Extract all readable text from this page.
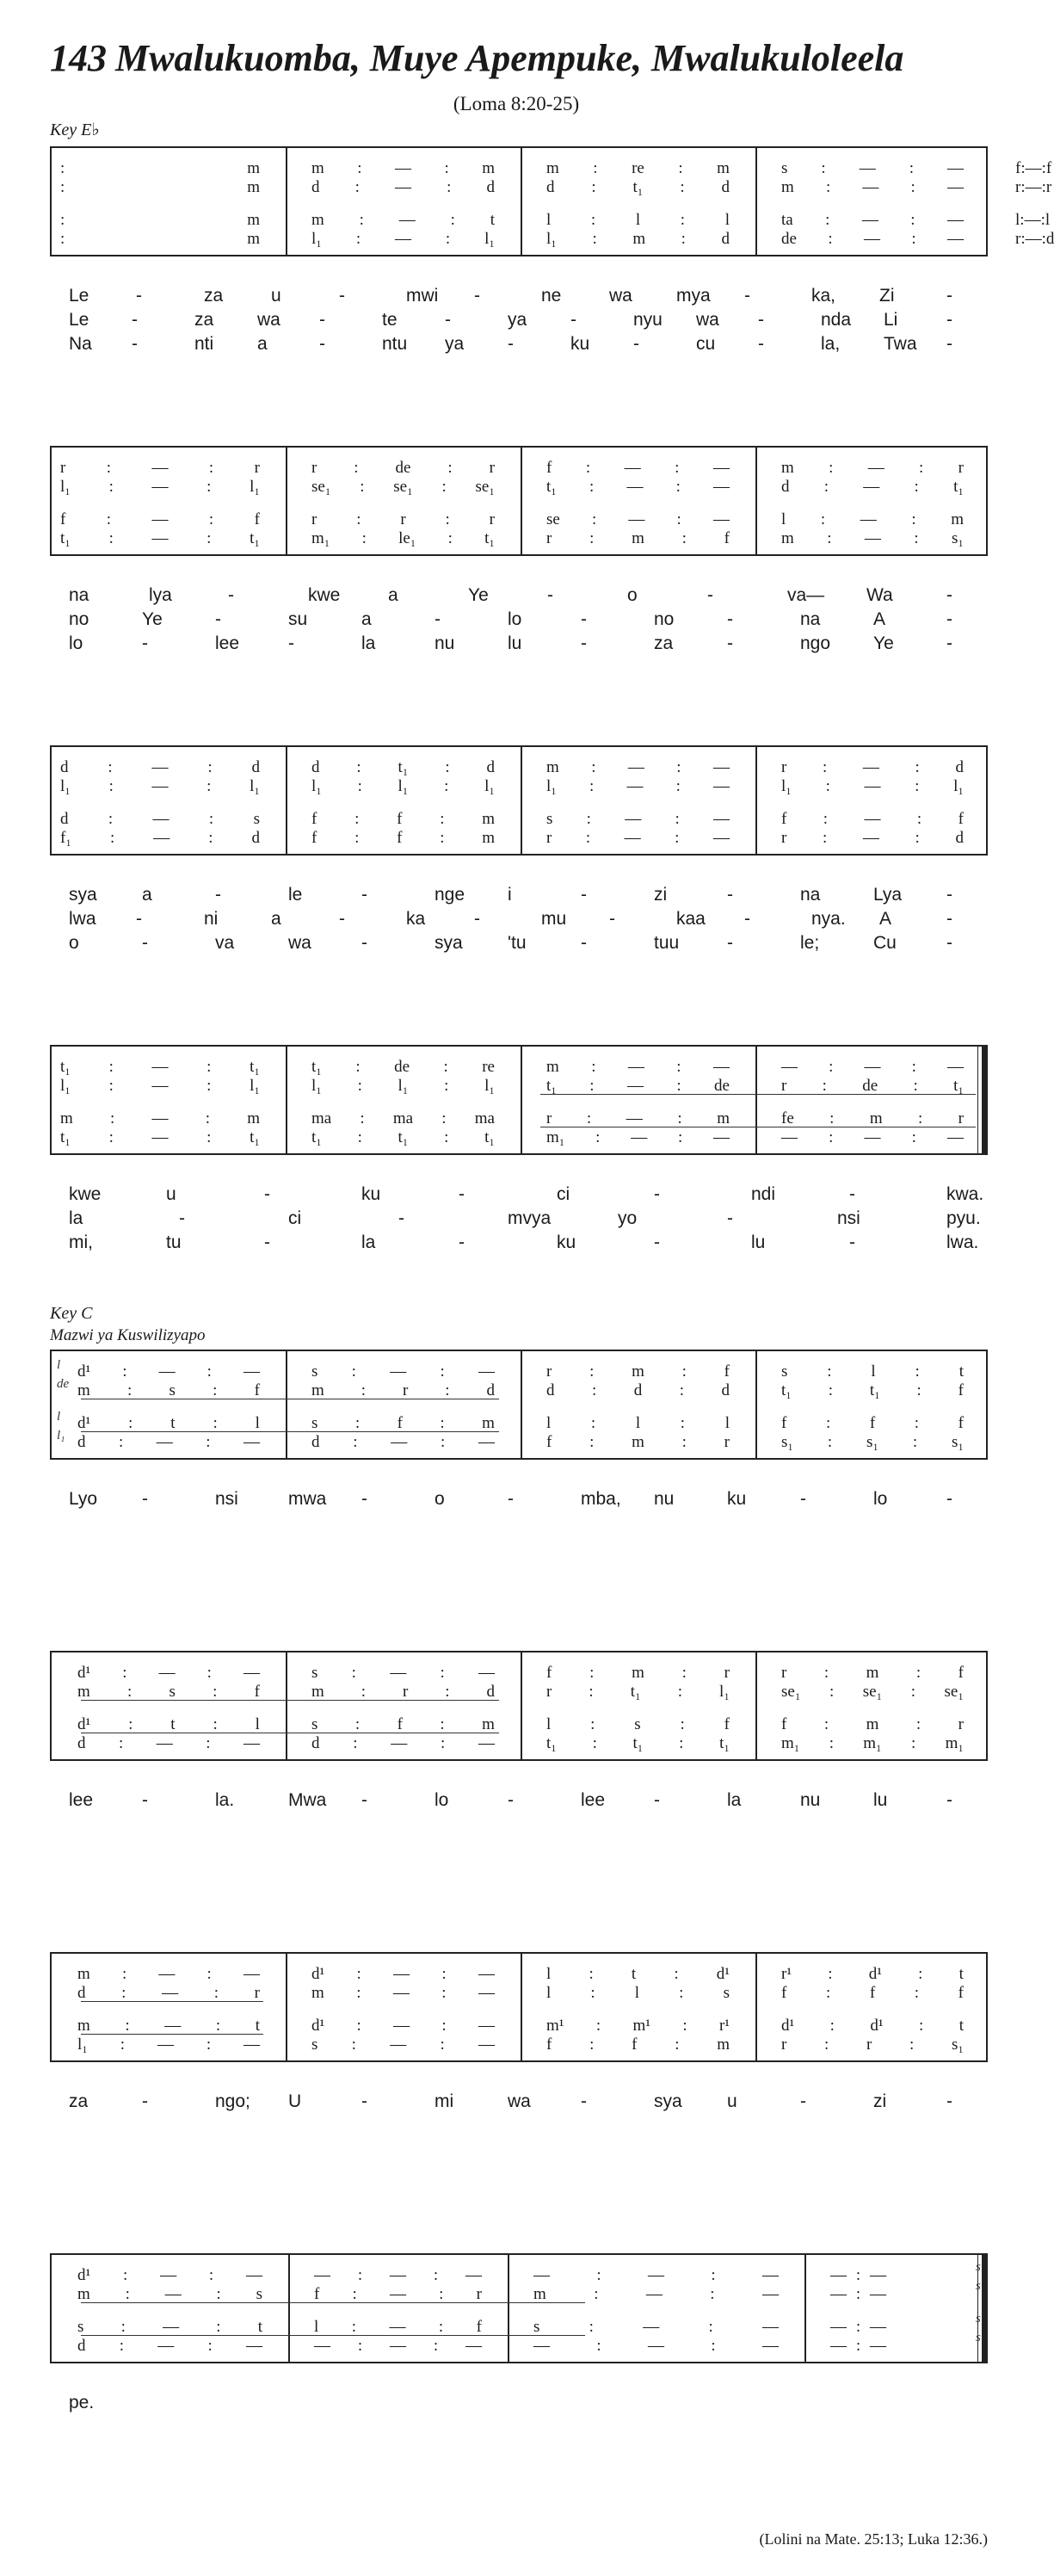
143 Mwalukuomba, Muye Apempuke, Mwalukuloleela
(Loma 8:20-25)
Key E♭
Key C
Mazwi ya Kuswilizyapo
:	m	m : — : m	m : re : m	s : — : —	f : — : f
:	m	d : — : d	d : t₁ : d	m : — : —	r : — : r
:	m	m : — : t	l : l : l	ta : — : —	l : — : l
:	m	l₁ : — : l₁	l₁ : m : d	de : — : —	r : — : d
Le	-	za	u	-	mwi -	ne	wa mya -	ka, Zi	-
Le -	za wa -	te	-	ya -	nyu wa -	nda Li	-
Na -	nti a	-	ntu ya -	ku -	cu -	la, Twa -
r : — : r	r : de : r	f : — : —	m : — : r
l₁ : — : l₁	se₁ : se₁ : se₁	t₁ : — : —	d : — : t₁
f : — : f	r : r : r	se : — : —	l : — : m
t₁ : — : t₁	m₁ : le₁ : t₁	r : m : f	m : — : s₁
na	lya	-	kwe	a	Ye	-	o	-	va— Wa	-
no	Ye	-	su	a	-	lo	-	no	-	na	A	-
lo	-	lee	-	la	nu	lu	-	za	-	ngo Ye	-
d : — : d	d : t₁ : d	m : — : —	r : — : d
l₁ : — : l₁	l₁ : l₁ : l₁	l₁ : — : —	l₁ : — : l₁
d : — : s	f : f : m	s : — : —	f : — : f
f₁ : — : d	f : f : m	r : — : —	r : — : d
sya a	-	le	-	nge i	-	zi	-	na	Lya -
lwa -	ni	a	-	ka	-	mu -	kaa -	nya. A	-
o	-	va	wa	-	sya 'tu	-	tuu	-	le;	Cu	-
t₁ : — : t₁	t₁ : de : re	m : — : —	— : — : —
l₁ : — : l₁	l₁ : l₁ : l₁	t₁ : — : de	r : de : t₁
m : — : m	ma : ma : ma	r : — : m	fe : m : r
t₁ : — : t₁	t₁ : t₁ : t₁	m₁ : — : —	— : — : —
kwe	u	-	ku	-	ci	-	ndi	-	kwa.
la	-	ci	-	mvya	yo	-	nsi	pyu.
mi,	tu	-	la	-	ku	-	lu	-	lwa.
d¹ : — : —	s : — : —	r : m : f	s : l : t
m : s : f	m : r : d	d : d : d	t₁ : t₁ : f
d¹ : t : l	s : f : m	l : l : l	f : f : f
d : — : —	d : — : —	f : m : r	s₁ : s₁ : s₁
l
de
l
l₁
Lyo -	nsi	mwa -	o	-	mba, nu	ku	-	lo	-
d¹ : — : —	s : — : —	f : m : r	r : m : f
m : s : f	m : r : d	r : t₁ : l₁	se₁ : se₁ : se₁
d¹ : t : l	s : f : m	l : s : f	f : m : r
d : — : —	d : — : —	t₁ : t₁ : t₁	m₁ : m₁ : m₁
lee	-	la.	Mwa -	lo	-	lee	-	la	nu	lu	-
m : — : —	d¹ : — : —	l : t : d¹	r¹ : d¹ : t
d : — : r	m : — : —	l : l : s	f : f : f
m : — : t	d¹ : — : —	m¹ : m¹ : r¹	d¹ : d¹ : t
l₁ : — : —	s : — : —	f : f : m	r : r : s₁
za	-	ngo; U	-	mi	wa	-	sya u	-	zi	-
d¹ : — : —	— : — : —	—	:	—	:	—	— : —
m : — : s	f : — : r	m	:	—	:	—	— : —
s : — : t	l : — : f	s	:	—	:	—	— : —
d : — : —	— : — : —	—	:	—	:	—	— : —
pe.
(Lolini na Mate. 25:13; Luka 12:36.)
s
s
s
s
